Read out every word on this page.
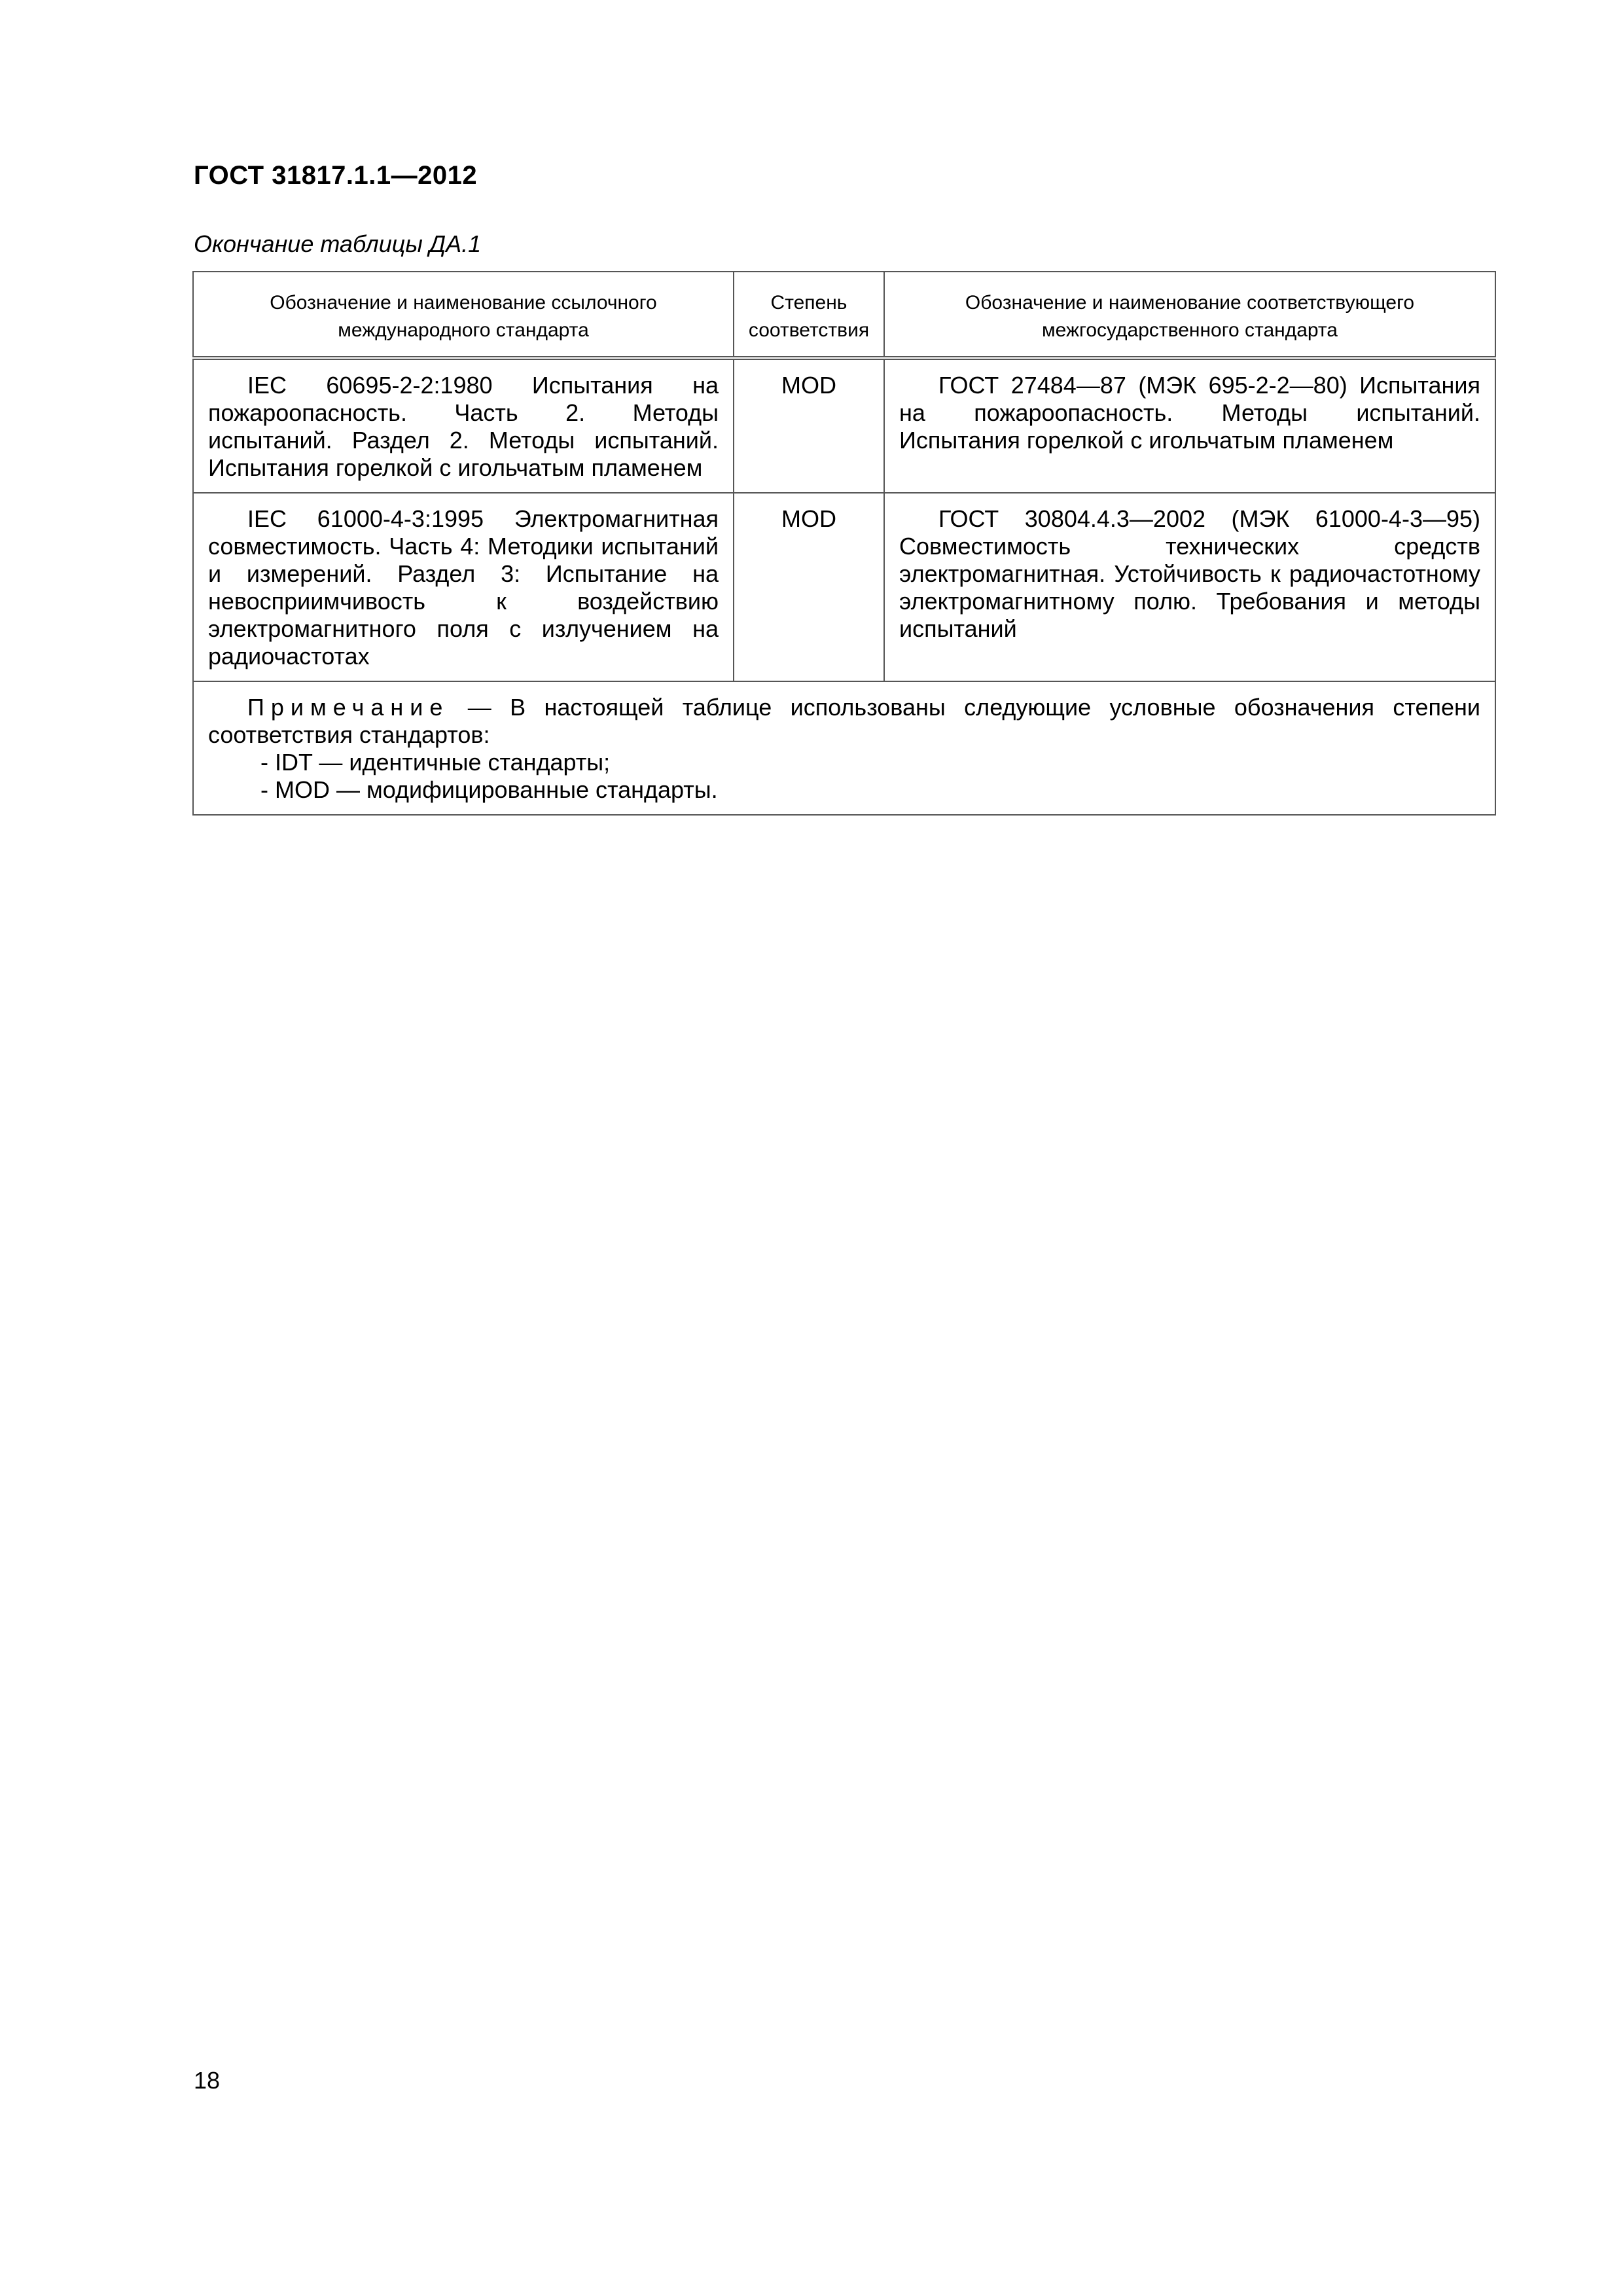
ГОСТ 31817.1.1—2012
Окончание таблицы ДА.1
Обозначение и наименование ссылочного международного стандарта	Степень соответствия	Обозначение и наименование соответствующего межгосударственного стандарта
IEC 60695-2-2:1980 Испытания на пожароопасность. Часть 2. Методы испытаний. Раздел 2. Методы испытаний. Испытания горелкой с игольчатым пламенем	MOD	ГОСТ 27484—87 (МЭК 695-2-2—80) Испытания на пожароопасность. Методы испытаний. Испытания горелкой с игольчатым пламенем
IEC 61000-4-3:1995 Электромагнитная совместимость. Часть 4: Методики испытаний и измерений. Раздел 3: Испытание на невосприимчивость к воздействию электромагнитного поля с излучением на радиочастотах	MOD	ГОСТ 30804.4.3—2002 (МЭК 61000-4-3—95) Совместимость технических средств электромагнитная. Устойчивость к радиочастотному электромагнитному полю. Требования и методы испытаний

Примечание — В настоящей таблице использованы следующие условные обозначения степени соответствия стандартов:
- IDT — идентичные стандарты;
- MOD — модифицированные стандарты.		
18
